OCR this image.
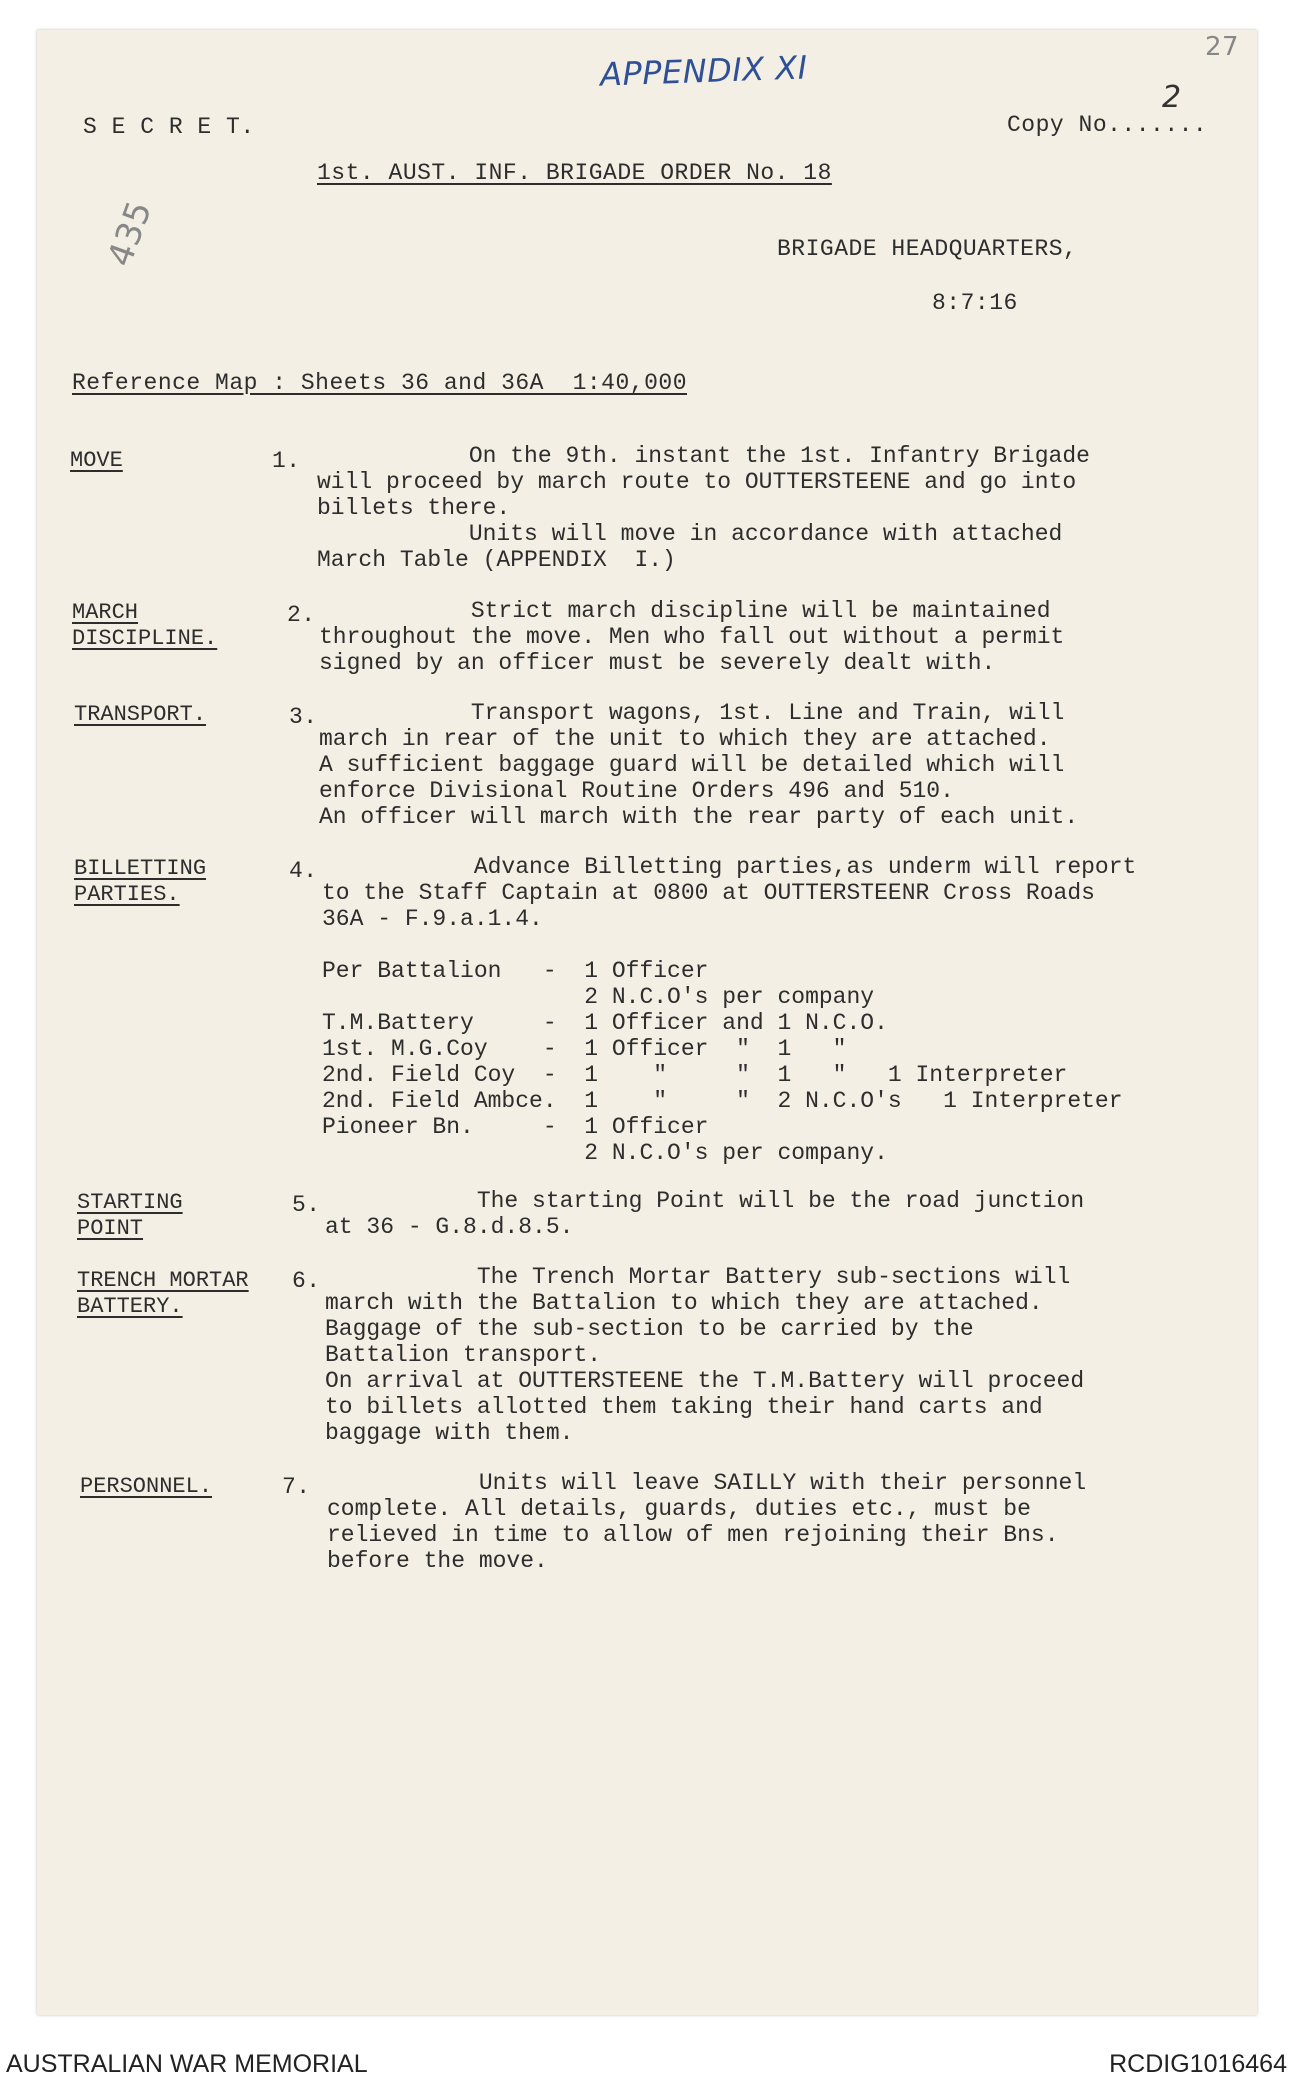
APPENDIX XI
27
435
2
S E C R E T.	Copy No.......
1st. AUST. INF. BRIGADE ORDER No. 18
BRIGADE HEADQUARTERS,
8:7:16
Reference Map : Sheets 36 and 36A  1:40,000
MOVE	1.	On the 9th. instant the 1st. Infantry Brigade
will proceed by march route to OUTTERSTEENE and go into
billets there.
Units will move in accordance with attached
March Table (APPENDIX  I.)
MARCH
DISCIPLINE.
2.	Strict march discipline will be maintained
throughout the move. Men who fall out without a permit
signed by an officer must be severely dealt with.
TRANSPORT.	3.	Transport wagons, 1st. Line and Train, will
march in rear of the unit to which they are attached.
A sufficient baggage guard will be detailed which will
enforce Divisional Routine Orders 496 and 510.
An officer will march with the rear party of each unit.
BILLETTING
PARTIES.
4.	Advance Billetting parties,as underm will report
to the Staff Captain at 0800 at OUTTERSTEENR Cross Roads
36A - F.9.a.1.4.

Per Battalion   -  1 Officer
2 N.C.O's per company
T.M.Battery     -  1 Officer and 1 N.C.O.
1st. M.G.Coy    -  1 Officer  "  1   "
2nd. Field Coy  -  1    "     "  1   "   1 Interpreter
2nd. Field Ambce.  1    "     "  2 N.C.O's   1 Interpreter
Pioneer Bn.     -  1 Officer
2 N.C.O's per company.
STARTING
POINT
5.	The starting Point will be the road junction
at 36 - G.8.d.8.5.
TRENCH MORTAR
BATTERY.
6.	The Trench Mortar Battery sub-sections will
march with the Battalion to which they are attached.
Baggage of the sub-section to be carried by the
Battalion transport.
On arrival at OUTTERSTEENE the T.M.Battery will proceed
to billets allotted them taking their hand carts and
baggage with them.
PERSONNEL.	7.	Units will leave SAILLY with their personnel
complete. All details, guards, duties etc., must be
relieved in time to allow of men rejoining their Bns.
before the move.
AUSTRALIAN WAR MEMORIAL	RCDIG1016464
